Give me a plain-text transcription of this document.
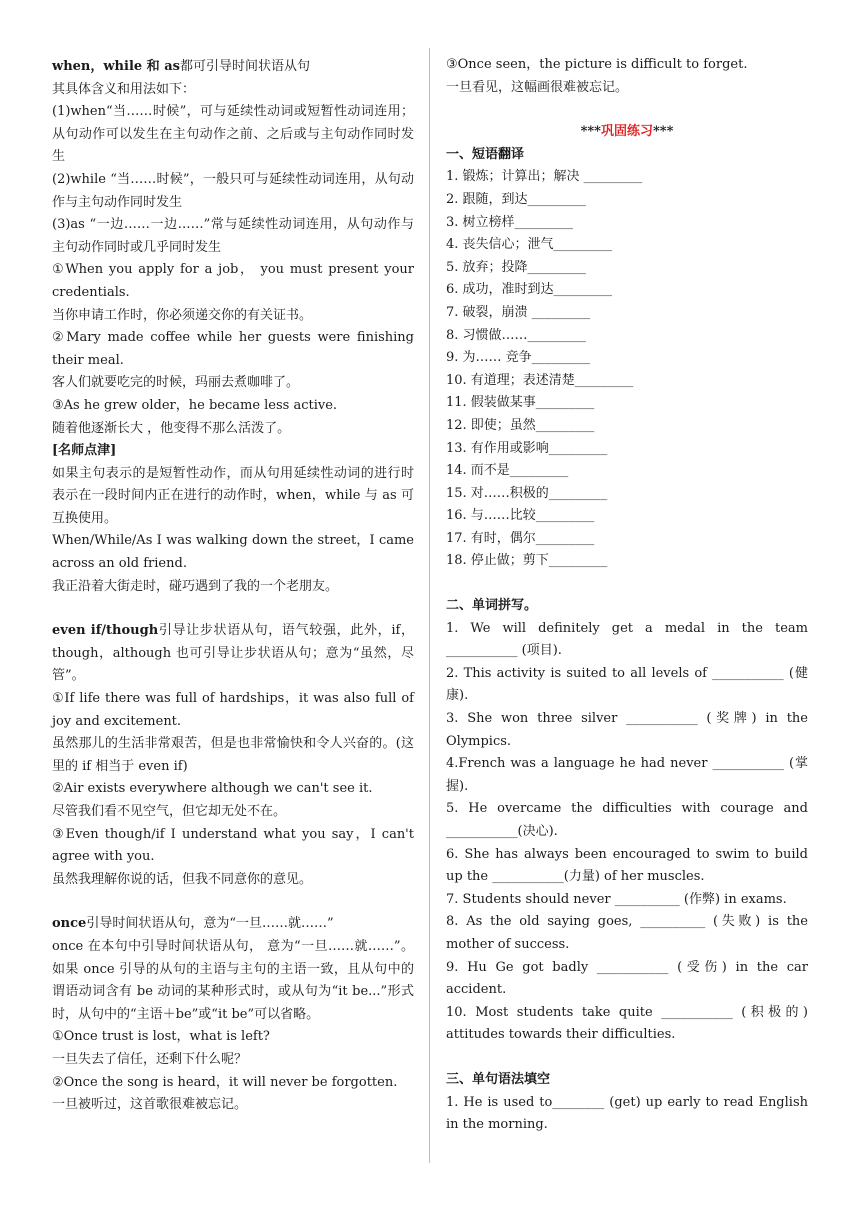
when，while 和 as都可引导时间状语从句

其具体含义和用法如下：

(1)when“当……时候”，可与延续性动词或短暂性动词连用；从句动作可以发生在主句动作之前、之后或与主句动作同时发生

(2)while “当……时候”，一般只可与延续性动词连用，从句动作与主句动作同时发生

(3)as “一边……一边……”常与延续性动词连用，从句动作与主句动作同时或几乎同时发生

①When you apply for a job， you must present your credentials.

当你申请工作时，你必须递交你的有关证书。

②Mary made coffee while her guests were finishing their meal.

客人们就要吃完的时候，玛丽去煮咖啡了。

③As he grew older，he became less active.

随着他逐渐长大 ，他变得不那么活泼了。

[名师点津]

如果主句表示的是短暂性动作，而从句用延续性动词的进行时表示在一段时间内正在进行的动作时，when，while 与 as 可互换使用。

When/While/As I was walking down the street，I came across an old friend.

我正沿着大街走时，碰巧遇到了我的一个老朋友。

even if/though引导让步状语从句，语气较强，此外，if，though，although 也可引导让步状语从句；意为“虽然，尽管”。

①If life there was full of hardships，it was also full of joy and excitement.

虽然那儿的生活非常艰苦，但是也非常愉快和令人兴奋的。(这里的 if 相当于 even if)

②Air exists everywhere although we can't see it.

尽管我们看不见空气，但它却无处不在。

③Even though/if I understand what you say，I can't agree with you.

虽然我理解你说的话，但我不同意你的意见。

once引导时间状语从句，意为“一旦……就……”

once 在本句中引导时间状语从句， 意为“一旦……就……”。如果 once 引导的从句的主语与主句的主语一致，且从句中的谓语动词含有 be 动词的某种形式时，或从句为“it be...”形式时，从句中的“主语＋be”或“it be”可以省略。

①Once trust is lost，what is left?

一旦失去了信任，还剩下什么呢？

②Once the song is heard，it will never be forgotten.

一旦被听过，这首歌很难被忘记。

③Once seen，the picture is difficult to forget.

一旦看见，这幅画很难被忘记。

***巩固练习***

一、短语翻译

1. 锻炼；计算出；解决 _________

2. 跟随，到达_________

3. 树立榜样_________

4. 丧失信心；泄气_________

5. 放弃；投降_________

6. 成功，准时到达_________

7. 破裂，崩溃 _________

8. 习惯做……_________

9. 为…… 竞争_________

10. 有道理；表述清楚_________

11. 假装做某事_________

12. 即使；虽然_________

13. 有作用或影响_________

14. 而不是_________

15. 对……积极的_________

16. 与……比较_________

17. 有时，偶尔_________

18. 停止做；剪下_________

二、单词拼写。

1. We will definitely get a medal in the team ___________ (项目).

2. This activity is suited to all levels of ___________ (健康).

3. She won three silver ___________ (奖牌) in the Olympics.

4.French was a language he had never ___________ (掌握).

5. He overcame the difficulties with courage and ___________(决心).

6. She has always been encouraged to swim to build up the ___________(力量) of her muscles.

7. Students should never __________ (作弊) in exams.

8. As the old saying goes, __________ (失败) is the mother of success.

9. Hu Ge got badly ___________ (受伤) in the car accident.

10. Most students take quite ___________ (积极的) attitudes towards their difficulties.

三、单句语法填空

1. He is used to________ (get) up early to read English in the morning.
